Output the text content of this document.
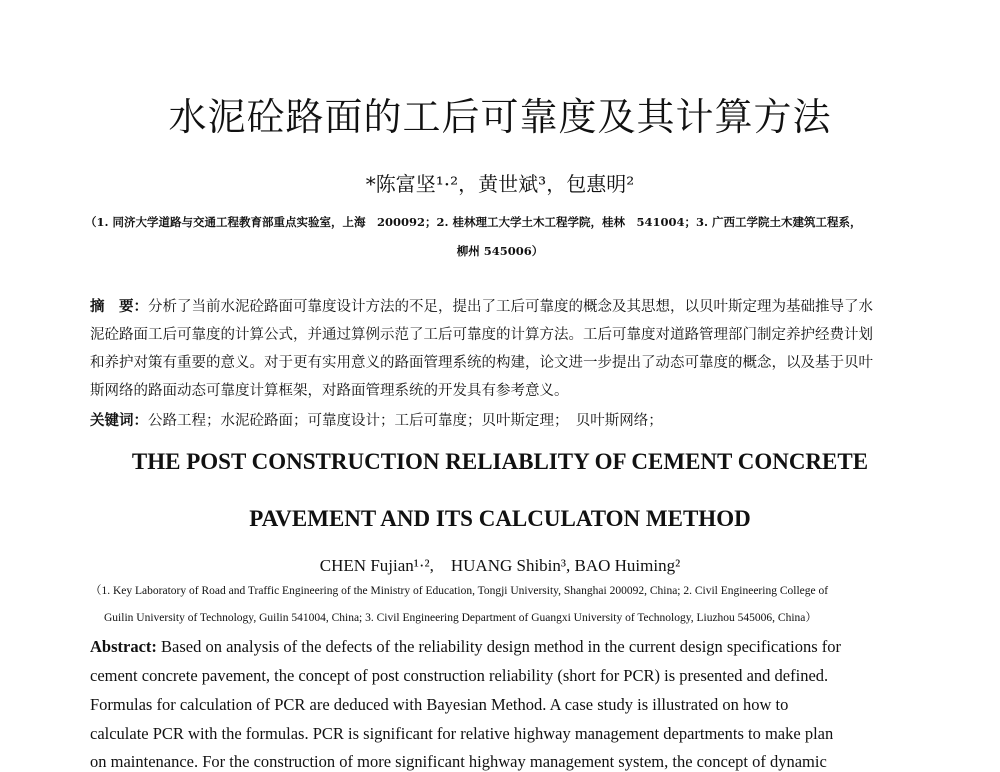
水泥砼路面的工后可靠度及其计算方法
*陈富坚¹·²，黄世斌³，包惠明²
（1. 同济大学道路与交通工程教育部重点实验室，上海　200092；2. 桂林理工大学土木工程学院，桂林　541004；3. 广西工学院土木建筑工程系，
柳州 545006）
摘　要：分析了当前水泥砼路面可靠度设计方法的不足，提出了工后可靠度的概念及其思想，以贝叶斯定理为基础推导了水
泥砼路面工后可靠度的计算公式，并通过算例示范了工后可靠度的计算方法。工后可靠度对道路管理部门制定养护经费计划
和养护对策有重要的意义。对于更有实用意义的路面管理系统的构建，论文进一步提出了动态可靠度的概念，以及基于贝叶
斯网络的路面动态可靠度计算框架，对路面管理系统的开发具有参考意义。
关键词：公路工程；水泥砼路面；可靠度设计；工后可靠度；贝叶斯定理；　贝叶斯网络；
THE POST CONSTRUCTION RELIABLITY OF CEMENT CONCRETE
PAVEMENT AND ITS CALCULATON METHOD
CHEN Fujian¹·²,　HUANG Shibin³, BAO Huiming²
（1. Key Laboratory of Road and Traffic Engineering of the Ministry of Education, Tongji University, Shanghai 200092, China; 2. Civil Engineering College of
Guilin University of Technology, Guilin 541004, China; 3. Civil Engineering Department of Guangxi University of Technology, Liuzhou 545006, China）
Abstract: Based on analysis of the defects of the reliability design method in the current design specifications for
cement concrete pavement, the concept of post construction reliability (short for PCR) is presented and defined.
Formulas for calculation of PCR are deduced with Bayesian Method. A case study is illustrated on how to
calculate PCR with the formulas. PCR is significant for relative highway management departments to make plan
on maintenance. For the construction of more significant highway management system, the concept of dynamic
